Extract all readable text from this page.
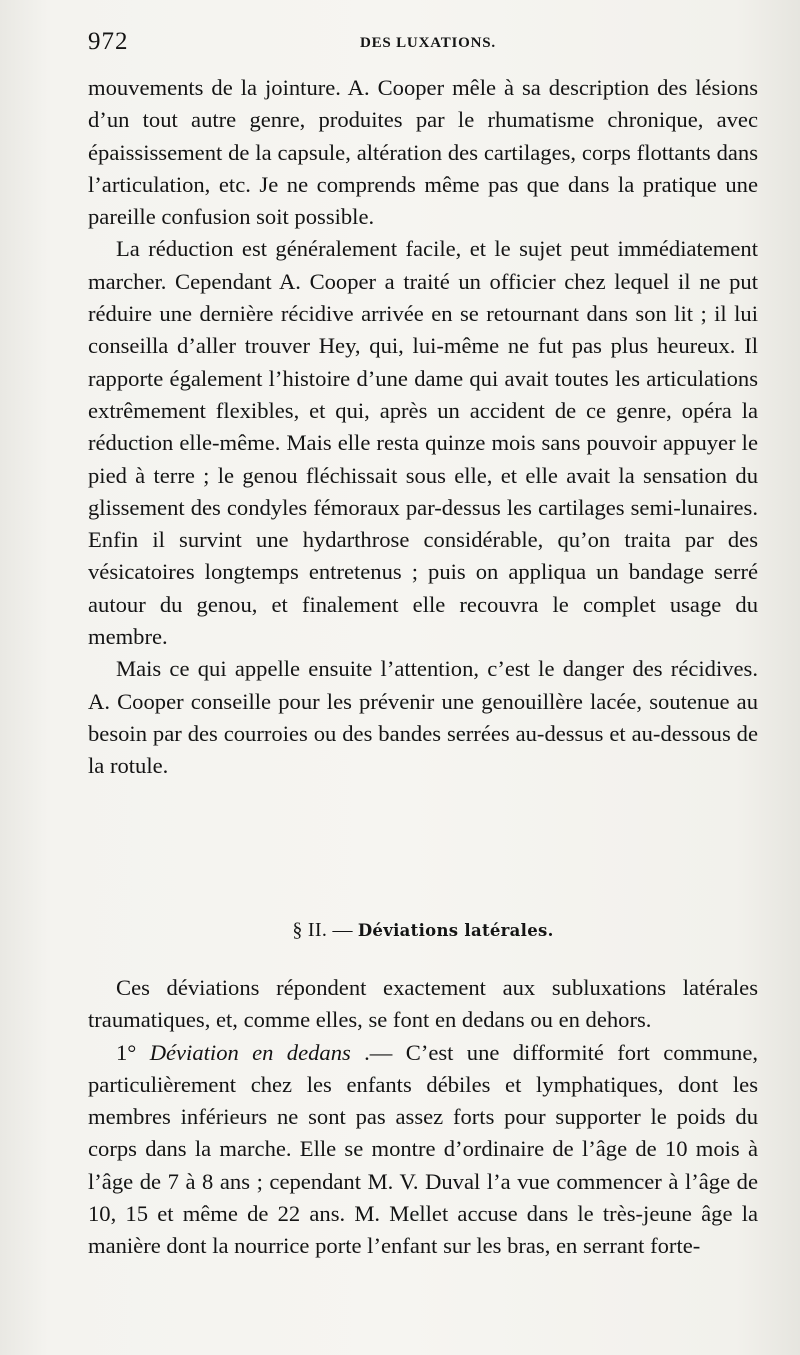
972	DES LUXATIONS.

mouvements de la jointure. A. Cooper mêle à sa description des lésions d’un tout autre genre, produites par le rhumatisme chronique, avec épaississement de la capsule, altération des cartilages, corps flottants dans l’articulation, etc. Je ne comprends même pas que dans la pratique une pareille confusion soit possible.

La réduction est généralement facile, et le sujet peut immédiatement marcher. Cependant A. Cooper a traité un officier chez lequel il ne put réduire une dernière récidive arrivée en se retournant dans son lit ; il lui conseilla d’aller trouver Hey, qui, lui-même ne fut pas plus heureux. Il rapporte également l’histoire d’une dame qui avait toutes les articulations extrêmement flexibles, et qui, après un accident de ce genre, opéra la réduction elle-même. Mais elle resta quinze mois sans pouvoir appuyer le pied à terre ; le genou fléchissait sous elle, et elle avait la sensation du glissement des condyles fémoraux par-dessus les cartilages semi-lunaires. Enfin il survint une hydarthrose considérable, qu’on traita par des vésicatoires longtemps entretenus ; puis on appliqua un bandage serré autour du genou, et finalement elle recouvra le complet usage du membre.

Mais ce qui appelle ensuite l’attention, c’est le danger des récidives. A. Cooper conseille pour les prévenir une genouillère lacée, soutenue au besoin par des courroies ou des bandes serrées au-dessus et au-dessous de la rotule.

§ II. — Déviations latérales.

Ces déviations répondent exactement aux subluxations latérales traumatiques, et, comme elles, se font en dedans ou en dehors.

1° Déviation en dedans .— C’est une difformité fort commune, particulièrement chez les enfants débiles et lymphatiques, dont les membres inférieurs ne sont pas assez forts pour supporter le poids du corps dans la marche. Elle se montre d’ordinaire de l’âge de 10 mois à l’âge de 7 à 8 ans ; cependant M. V. Duval l’a vue commencer à l’âge de 10, 15 et même de 22 ans. M. Mellet accuse dans le très-jeune âge la manière dont la nourrice porte l’enfant sur les bras, en serrant forte-
